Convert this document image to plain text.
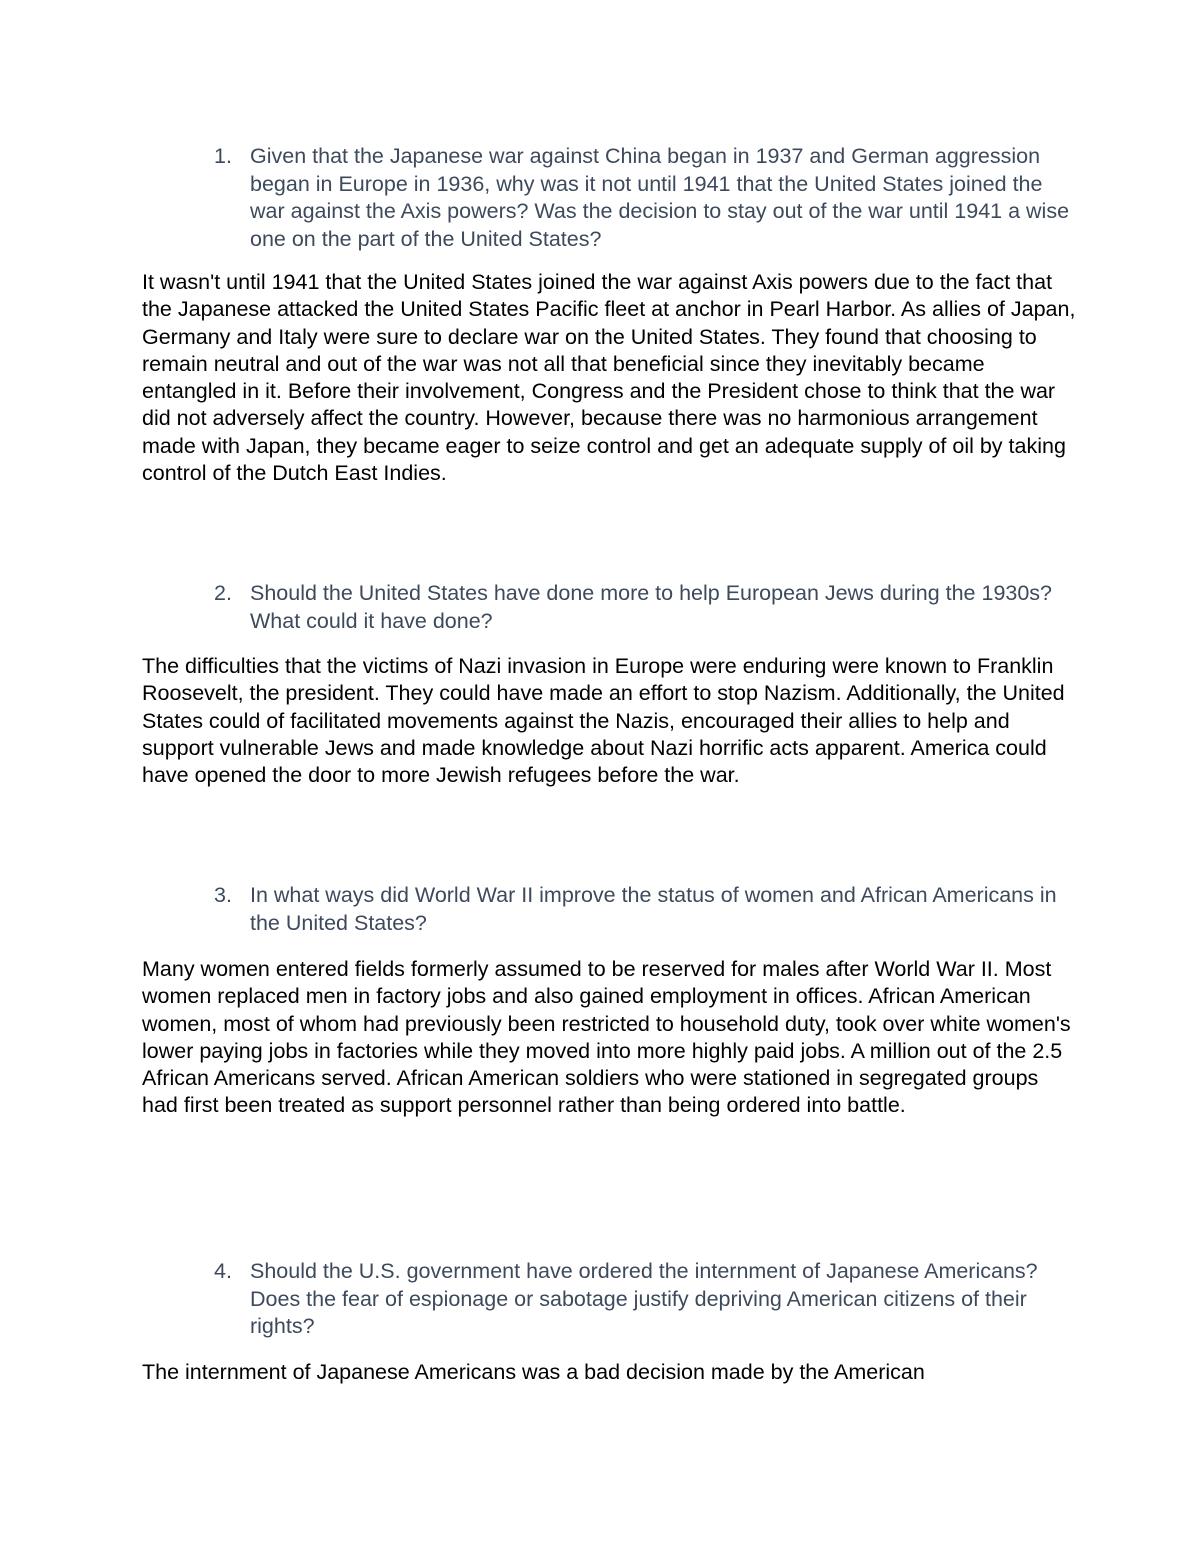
1. Given that the Japanese war against China began in 1937 and German aggression began in Europe in 1936, why was it not until 1941 that the United States joined the war against the Axis powers? Was the decision to stay out of the war until 1941 a wise one on the part of the United States?

It wasn't until 1941 that the United States joined the war against Axis powers due to the fact that the Japanese attacked the United States Pacific fleet at anchor in Pearl Harbor. As allies of Japan, Germany and Italy were sure to declare war on the United States. They found that choosing to remain neutral and out of the war was not all that beneficial since they inevitably became entangled in it. Before their involvement, Congress and the President chose to think that the war did not adversely affect the country. However, because there was no harmonious arrangement made with Japan, they became eager to seize control and get an adequate supply of oil by taking control of the Dutch East Indies.

2. Should the United States have done more to help European Jews during the 1930s? What could it have done?

The difficulties that the victims of Nazi invasion in Europe were enduring were known to Franklin Roosevelt, the president. They could have made an effort to stop Nazism. Additionally, the United States could of facilitated movements against the Nazis, encouraged their allies to help and support vulnerable Jews and made knowledge about Nazi horrific acts apparent. America could have opened the door to more Jewish refugees before the war.

3. In what ways did World War II improve the status of women and African Americans in the United States?

Many women entered fields formerly assumed to be reserved for males after World War II. Most women replaced men in factory jobs and also gained employment in offices. African American women, most of whom had previously been restricted to household duty, took over white women's lower paying jobs in factories while they moved into more highly paid jobs. A million out of the 2.5 African Americans served. African American soldiers who were stationed in segregated groups had first been treated as support personnel rather than being ordered into battle.

4. Should the U.S. government have ordered the internment of Japanese Americans? Does the fear of espionage or sabotage justify depriving American citizens of their rights?

The internment of Japanese Americans was a bad decision made by the American
